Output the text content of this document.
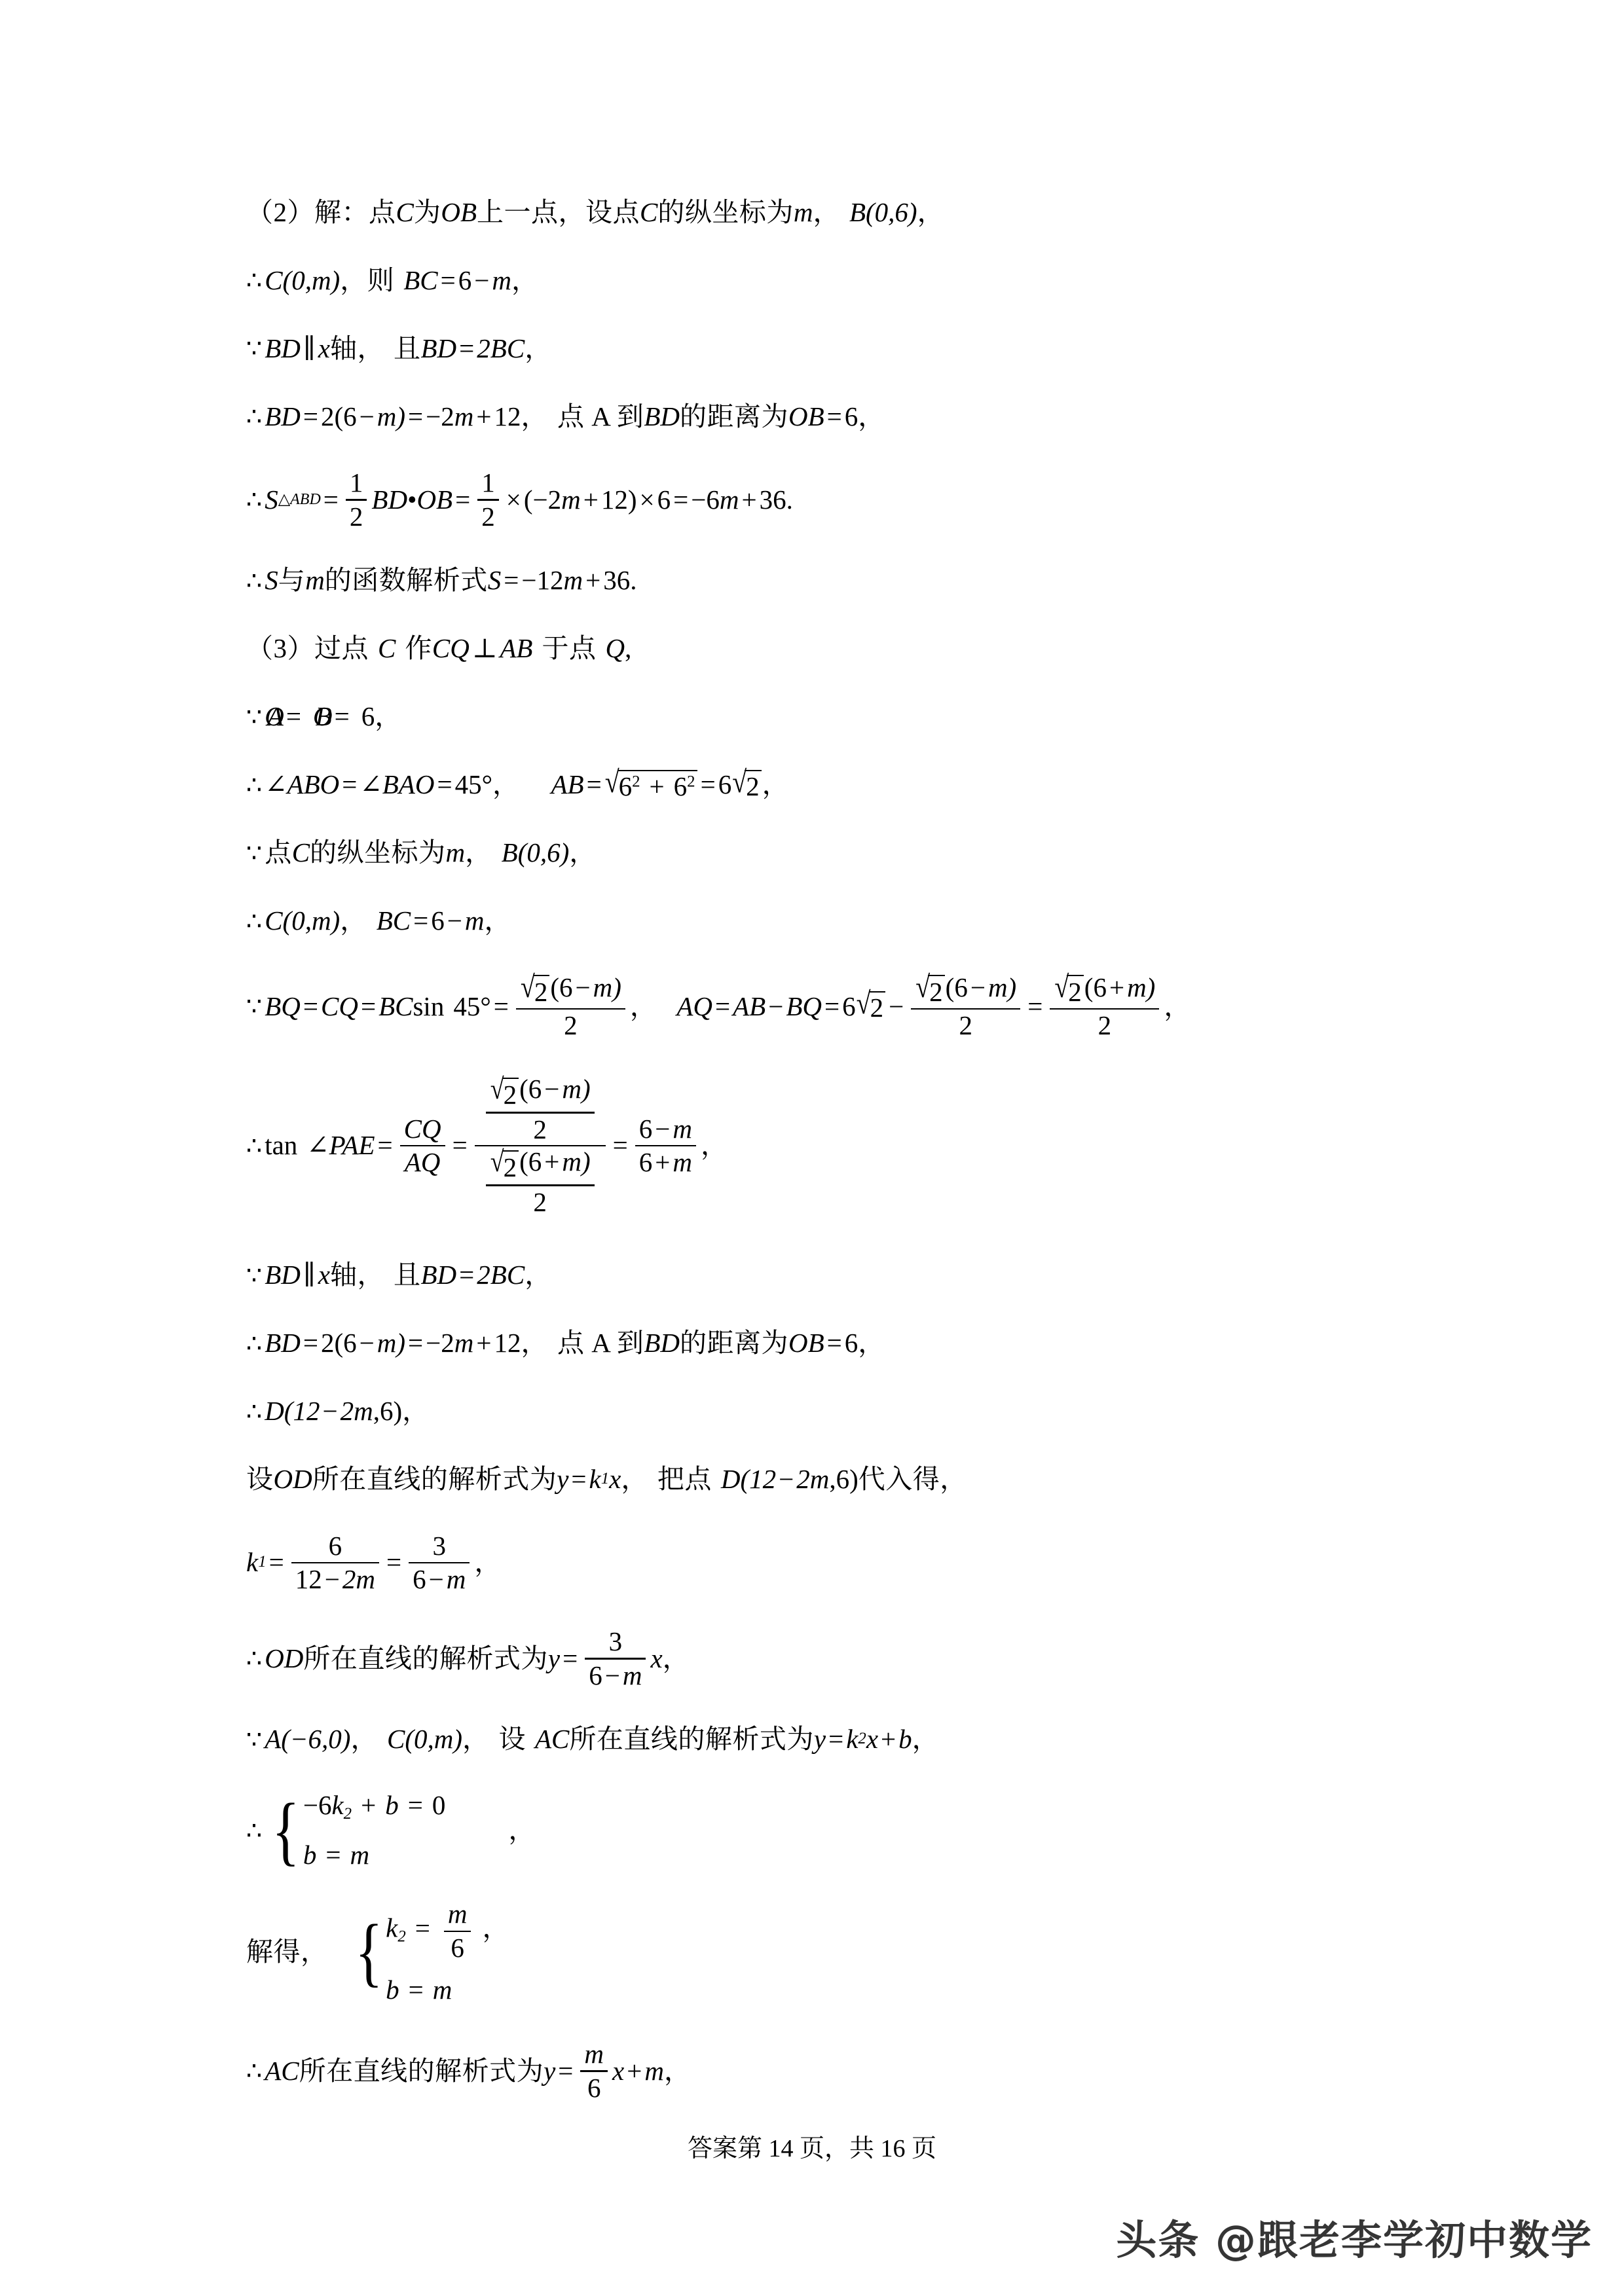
（2）解： 点 C 为 OB 上一点，设点 C 的纵坐标为 m ， B(0,6) ，
∴ C(0, m ) ， 则 BC = 6 − m ，
∵ BD ∥ x 轴， 且 BD = 2BC ，
∴ BD = 2(6 − m) = −2 m + 12 ， 点 A 到 BD 的距离为 OB = 6 ，
∴ S △ABD = $\frac{1}{2}$ BD • OB = $\frac{1}{2} \times (-2$ m + 12) × 6 = −6 m + 36 .
∴ S 与 m 的函数解析式 S = −12 m + 36 .
（3） 过点 C 作 CQ ⊥ AB 于点 Q ,
∵ OA = OB = 6 ，
∴ ∠ABO = ∠BAO = 45° ， AB = √ $6^2 + 6^2 = 6$ √ 2 ，
∵ 点 C 的纵坐标为 m ， B(0,6) ，
∴ C(0, m ) ， BC = 6 − m ，
∵ BQ = CQ = BC $\sin 45^\circ = \frac{√ 2 (6-m)}{2}$ ， AQ = AB − BQ = 6 √ $2 - \frac{√ 2 (6-m)}{2} = \frac{√ 2 (6+m)}{2}$ ，
∴ tan ∠PAE = $\frac{CQ}{AQ} = \frac{\frac{√ 2 (6-m)}{2}}{\frac{√ 2 (6+m)}{2}} = \frac{6-m}{6+m}$ ，
∵ BD ∥ x 轴， 且 BD = 2BC ，
∴ BD = 2(6 − m) = −2 m + 12 ， 点 A 到 BD 的距离为 OB = 6 ，
∴ D(12 − 2m ,6) ，
设 OD 所在直线的解析式为 y = k 1 x ， 把点 D(12 − 2m ,6) 代入得，
k $1 = \frac{6}{12-2m} = \frac{3}{6-m}$ ，
∴ OD 所在直线的解析式为 $y = \frac{3}{6-m}$ x ，
∵ A(−6,0) ， C(0, m ) ， 设 AC 所在直线的解析式为 y = k 2 x + b ，
∴ { $-6k_2 + b = 0$
b = m
，
解得， { $k_2 = \frac{m}{6}$ ，
b = m
∴ AC 所在直线的解析式为 $y = \frac{m}{6}$ x + m ，
答案第 14 页，共 16 页
头条 @跟老李学初中数学
